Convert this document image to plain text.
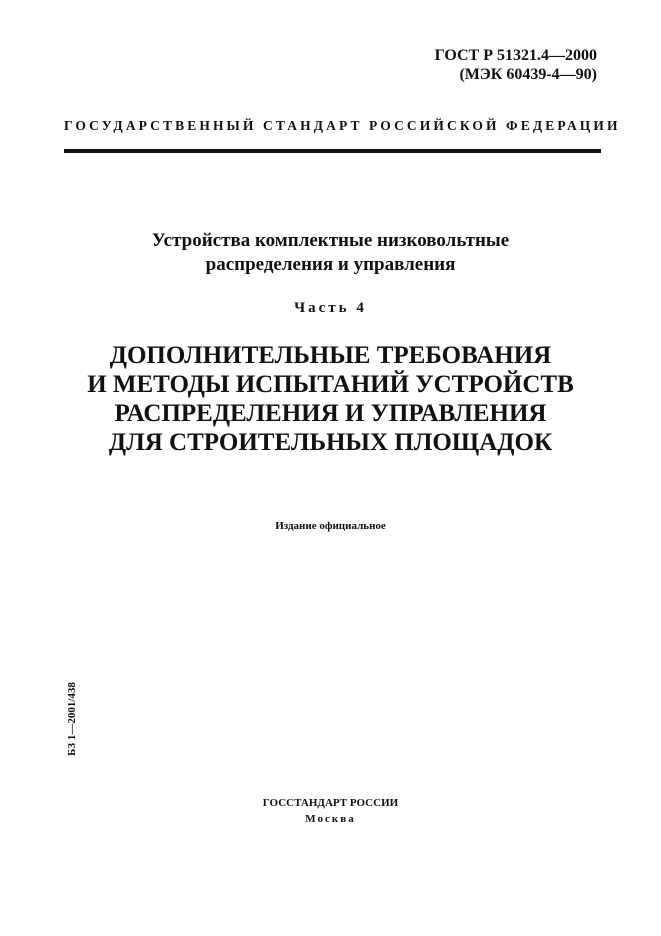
ГОСТ Р 51321.4—2000
(МЭК 60439-4—90)
ГОСУДАРСТВЕННЫЙ СТАНДАРТ РОССИЙСКОЙ ФЕДЕРАЦИИ
Устройства комплектные низковольтные
распределения и управления
Часть 4
ДОПОЛНИТЕЛЬНЫЕ ТРЕБОВАНИЯ
И МЕТОДЫ ИСПЫТАНИЙ УСТРОЙСТВ
РАСПРЕДЕЛЕНИЯ И УПРАВЛЕНИЯ
ДЛЯ СТРОИТЕЛЬНЫХ ПЛОЩАДОК
Издание официальное
БЗ 1—2001/438
ГОССТАНДАРТ РОССИИ
Москва
